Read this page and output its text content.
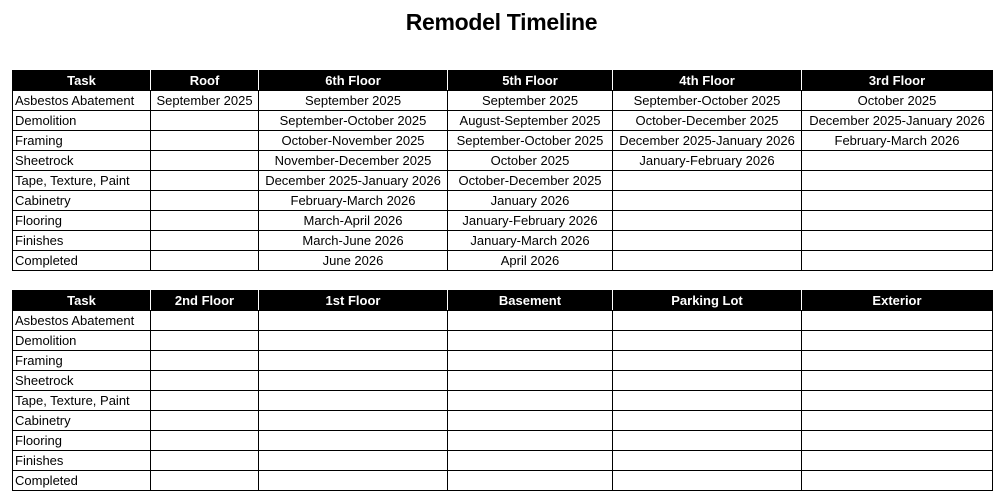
Remodel Timeline
Task	Roof	6th Floor	5th Floor	4th Floor	3rd Floor
Asbestos Abatement	September 2025	September 2025	September 2025	September-October 2025	October 2025
Demolition		September-October 2025	August-September 2025	October-December 2025	December 2025-January 2026
Framing		October-November 2025	September-October 2025	December 2025-January 2026	February-March 2026
Sheetrock		November-December 2025	October 2025	January-February 2026	
Tape, Texture, Paint		December 2025-January 2026	October-December 2025		
Cabinetry		February-March 2026	January 2026		
Flooring		March-April 2026	January-February 2026		
Finishes		March-June 2026	January-March 2026		
Completed		June 2026	April 2026		
Task	2nd Floor	1st Floor	Basement	Parking Lot	Exterior
Asbestos Abatement					
Demolition					
Framing					
Sheetrock					
Tape, Texture, Paint					
Cabinetry					
Flooring					
Finishes					
Completed					
